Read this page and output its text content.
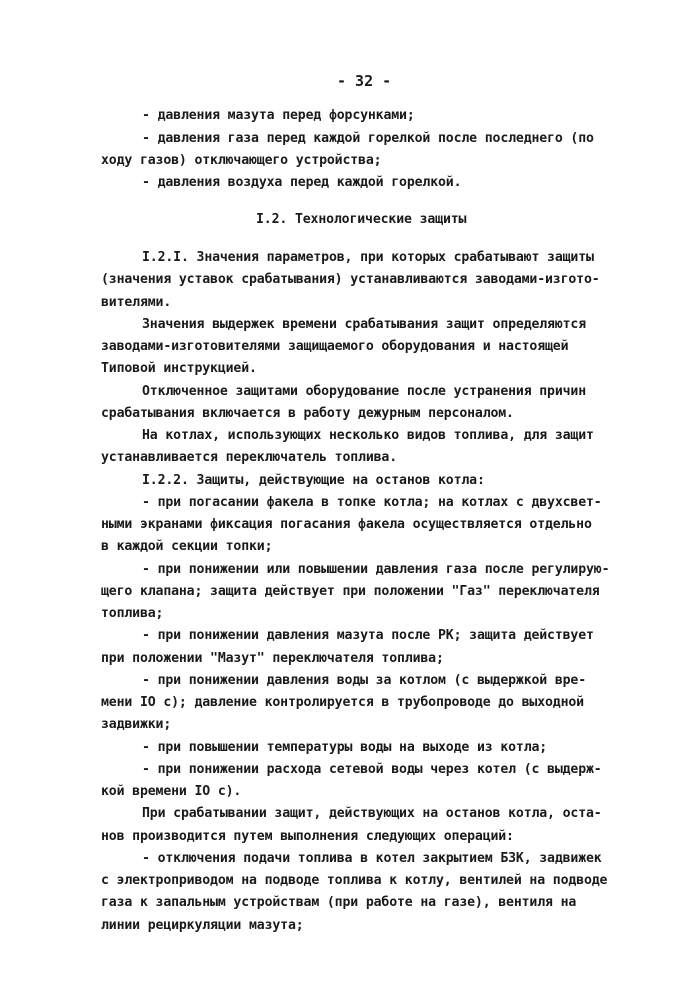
- 32 -
- давления мазута перед форсунками;
- давления газа перед каждой горелкой после последнего (по
ходу газов) отключающего устройства;
- давления воздуха перед каждой горелкой.
I.2. Технологические защиты
I.2.I. Значения параметров, при которых срабатывают защиты
(значения уставок срабатывания) устанавливаются заводами-изгото-
вителями.
Значения выдержек времени срабатывания защит определяются
заводами-изготовителями защищаемого оборудования и настоящей
Типовой инструкцией.
Отключенное защитами оборудование после устранения причин
срабатывания включается в работу дежурным персоналом.
На котлах, использующих несколько видов топлива, для защит
устанавливается переключатель топлива.
I.2.2. Защиты, действующие на останов котла:
- при погасании факела в топке котла; на котлах с двухсвет-
ными экранами фиксация погасания факела осуществляется отдельно
в каждой секции топки;
- при понижении или повышении давления газа после регулирую-
щего клапана; защита действует при положении "Газ" переключателя
топлива;
- при понижении давления мазута после РК; защита действует
при положении "Мазут" переключателя топлива;
- при понижении давления воды за котлом (с выдержкой вре-
мени IO с); давление контролируется в трубопроводе до выходной
задвижки;
- при повышении температуры воды на выходе из котла;
- при понижении расхода сетевой воды через котел (с выдерж-
кой времени IO с).
При срабатывании защит, действующих на останов котла, оста-
нов производится путем выполнения следующих операций:
- отключения подачи топлива в котел закрытием БЗК, задвижек
с электроприводом на подводе топлива к котлу, вентилей на подводе
газа к запальным устройствам (при работе на газе), вентиля на
линии рециркуляции мазута;
